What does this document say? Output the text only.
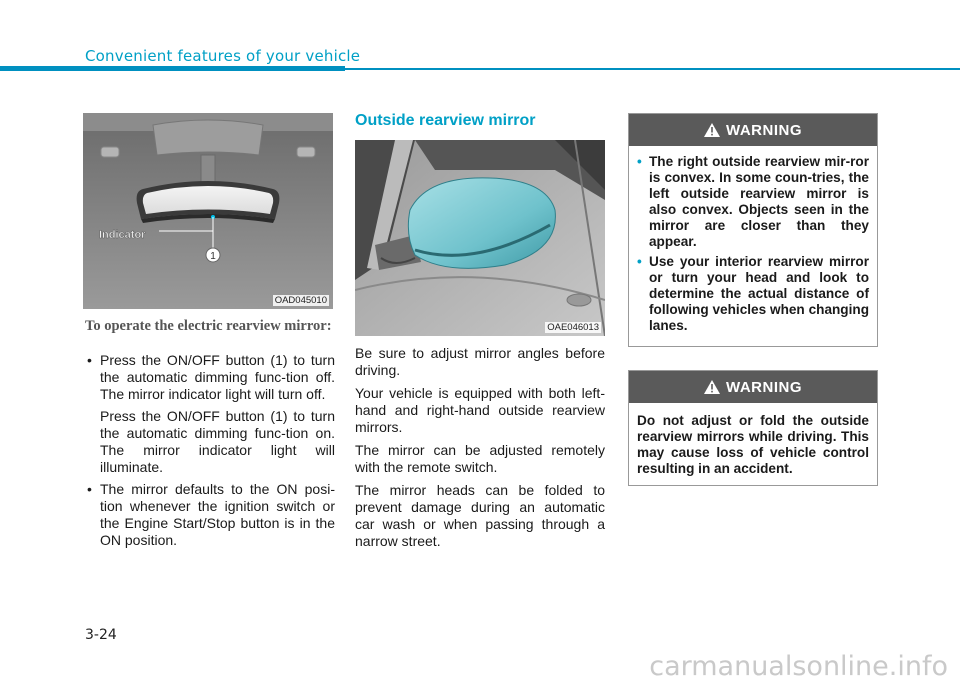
Convenient features of your vehicle
Indicator
1
OAD045010
To operate the electric rearview mirror:
• Press the ON/OFF button (1) to turn the automatic dimming func-tion off. The mirror indicator light will turn off.
Press the ON/OFF button (1) to turn the automatic dimming func-tion on. The mirror indicator light will illuminate.
• The mirror defaults to the ON posi-tion whenever the ignition switch or the Engine Start/Stop button is in the ON position.
Outside rearview mirror
OAE046013

Be sure to adjust mirror angles before driving.

Your vehicle is equipped with both left-hand and right-hand outside rearview mirrors.

The mirror can be adjusted remotely with the remote switch.

The mirror heads can be folded to prevent damage during an automatic car wash or when passing through a narrow street.

WARNING
• The right outside rearview mir-ror is convex. In some coun-tries, the left outside rearview mirror is also convex. Objects seen in the mirror are closer than they appear.
• Use your interior rearview mirror or turn your head and look to determine the actual distance of following vehicles when changing lanes.
WARNING
Do not adjust or fold the outside rearview mirrors while driving. This may cause loss of vehicle control resulting in an accident.
3-24
carmanualsonline.info
